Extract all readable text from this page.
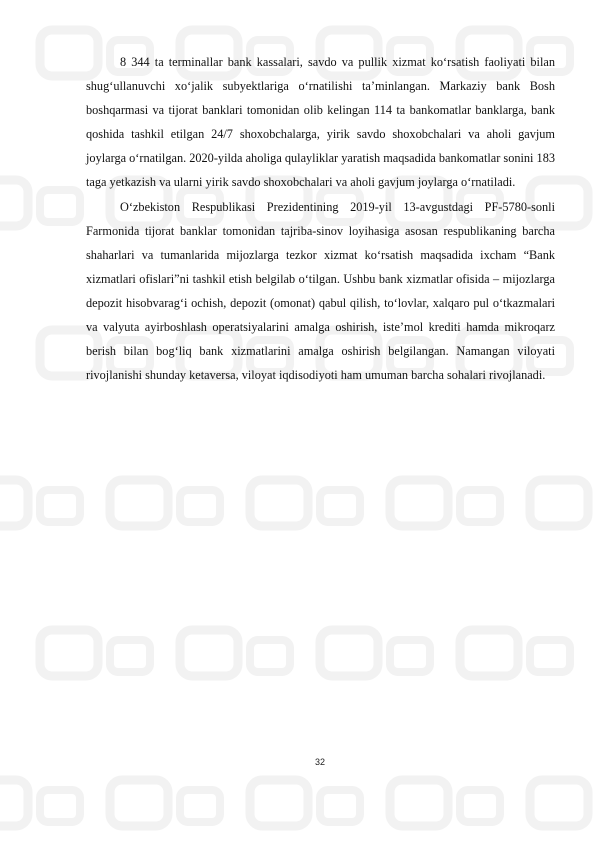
8 344 ta terminallar bank kassalari, savdo va pullik xizmat ko‘rsatish faoliyati bilan shug‘ullanuvchi xo‘jalik subyektlariga o‘rnatilishi ta’minlangan. Markaziy bank Bosh boshqarmasi va tijorat banklari tomonidan olib kelingan 114 ta bankomatlar banklarga, bank qoshida tashkil etilgan 24/7 shoxobchalarga, yirik savdo shoxobchalari va aholi gavjum joylarga o‘rnatilgan. 2020-yilda aholiga qulayliklar yaratish maqsadida bankomatlar sonini 183 taga yetkazish va ularni yirik savdo shoxobchalari va aholi gavjum joylarga o‘rnatiladi.

O‘zbekiston Respublikasi Prezidentining 2019-yil 13-avgustdagi PF-5780-sonli Farmonida tijorat banklar tomonidan tajriba-sinov loyihasiga asosan respublikaning barcha shaharlari va tumanlarida mijozlarga tezkor xizmat ko‘rsatish maqsadida ixcham “Bank xizmatlari ofislari”ni tashkil etish belgilab o‘tilgan. Ushbu bank xizmatlar ofisida – mijozlarga depozit hisobvarag‘i ochish, depozit (omonat) qabul qilish, to‘lovlar, xalqaro pul o‘tkazmalari va valyuta ayirboshlash operatsiyalarini amalga oshirish, iste’mol krediti hamda mikroqarz berish bilan bog‘liq bank xizmatlarini amalga oshirish belgilangan. Namangan viloyati rivojlanishi shunday ketaversa, viloyat iqdisodiyoti ham umuman barcha sohalari rivojlanadi.

32
